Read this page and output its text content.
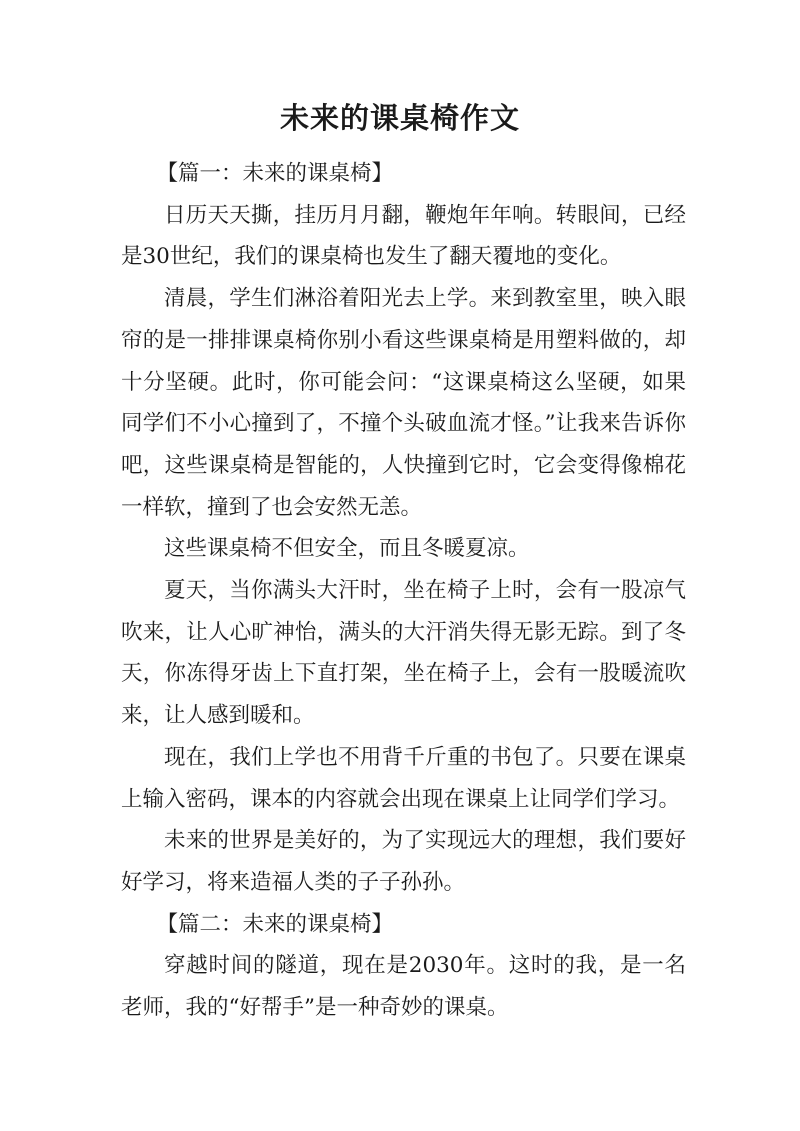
未来的课桌椅作文

【篇一：未来的课桌椅】

日历天天撕，挂历月月翻，鞭炮年年响。转眼间，已经是30世纪，我们的课桌椅也发生了翻天覆地的变化。

清晨，学生们淋浴着阳光去上学。来到教室里，映入眼帘的是一排排课桌椅你别小看这些课桌椅是用塑料做的，却十分坚硬。此时，你可能会问：“这课桌椅这么坚硬，如果同学们不小心撞到了，不撞个头破血流才怪。”让我来告诉你吧，这些课桌椅是智能的，人快撞到它时，它会变得像棉花一样软，撞到了也会安然无恙。

这些课桌椅不但安全，而且冬暖夏凉。

夏天，当你满头大汗时，坐在椅子上时，会有一股凉气吹来，让人心旷神怡，满头的大汗消失得无影无踪。到了冬天，你冻得牙齿上下直打架，坐在椅子上，会有一股暖流吹来，让人感到暖和。

现在，我们上学也不用背千斤重的书包了。只要在课桌上输入密码，课本的内容就会出现在课桌上让同学们学习。

未来的世界是美好的，为了实现远大的理想，我们要好好学习，将来造福人类的子子孙孙。

【篇二：未来的课桌椅】

穿越时间的隧道，现在是2030年。这时的我，是一名老师，我的“好帮手”是一种奇妙的课桌。
